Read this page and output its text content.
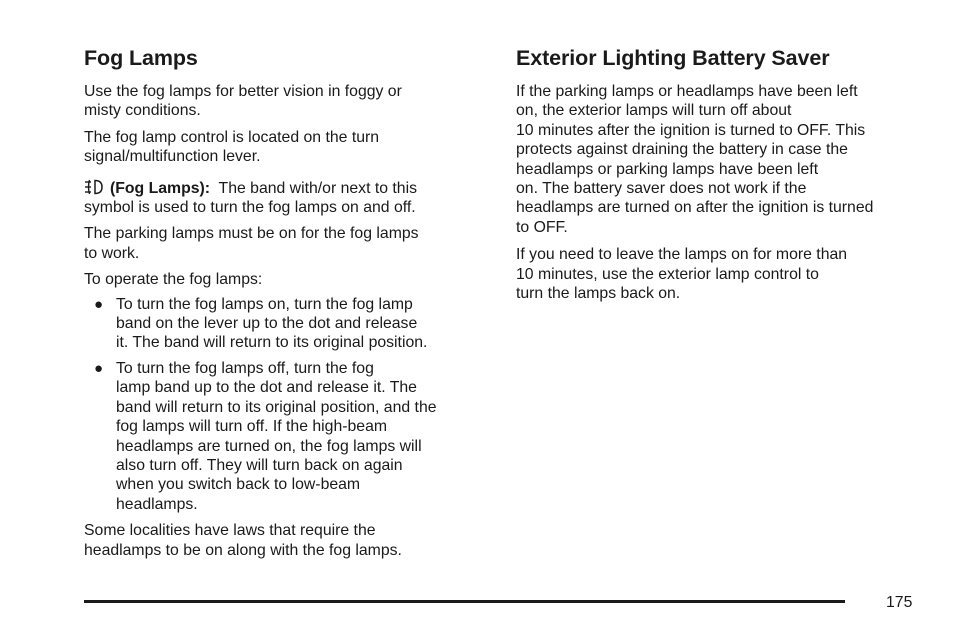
Fog Lamps

Use the fog lamps for better vision in foggy or
misty conditions.

The fog lamp control is located on the turn
signal/multifunction lever.

(Fog Lamps): The band with/or next to this
symbol is used to turn the fog lamps on and off.

The parking lamps must be on for the fog lamps
to work.

To operate the fog lamps:

● To turn the fog lamps on, turn the fog lamp
band on the lever up to the dot and release
it. The band will return to its original position.
● To turn the fog lamps off, turn the fog
lamp band up to the dot and release it. The
band will return to its original position, and the
fog lamps will turn off. If the high-beam
headlamps are turned on, the fog lamps will
also turn off. They will turn back on again
when you switch back to low-beam
headlamps.

Some localities have laws that require the
headlamps to be on along with the fog lamps.

Exterior Lighting Battery Saver

If the parking lamps or headlamps have been left
on, the exterior lamps will turn off about
10 minutes after the ignition is turned to OFF. This
protects against draining the battery in case the
headlamps or parking lamps have been left
on. The battery saver does not work if the
headlamps are turned on after the ignition is turned
to OFF.

If you need to leave the lamps on for more than
10 minutes, use the exterior lamp control to
turn the lamps back on.

175
